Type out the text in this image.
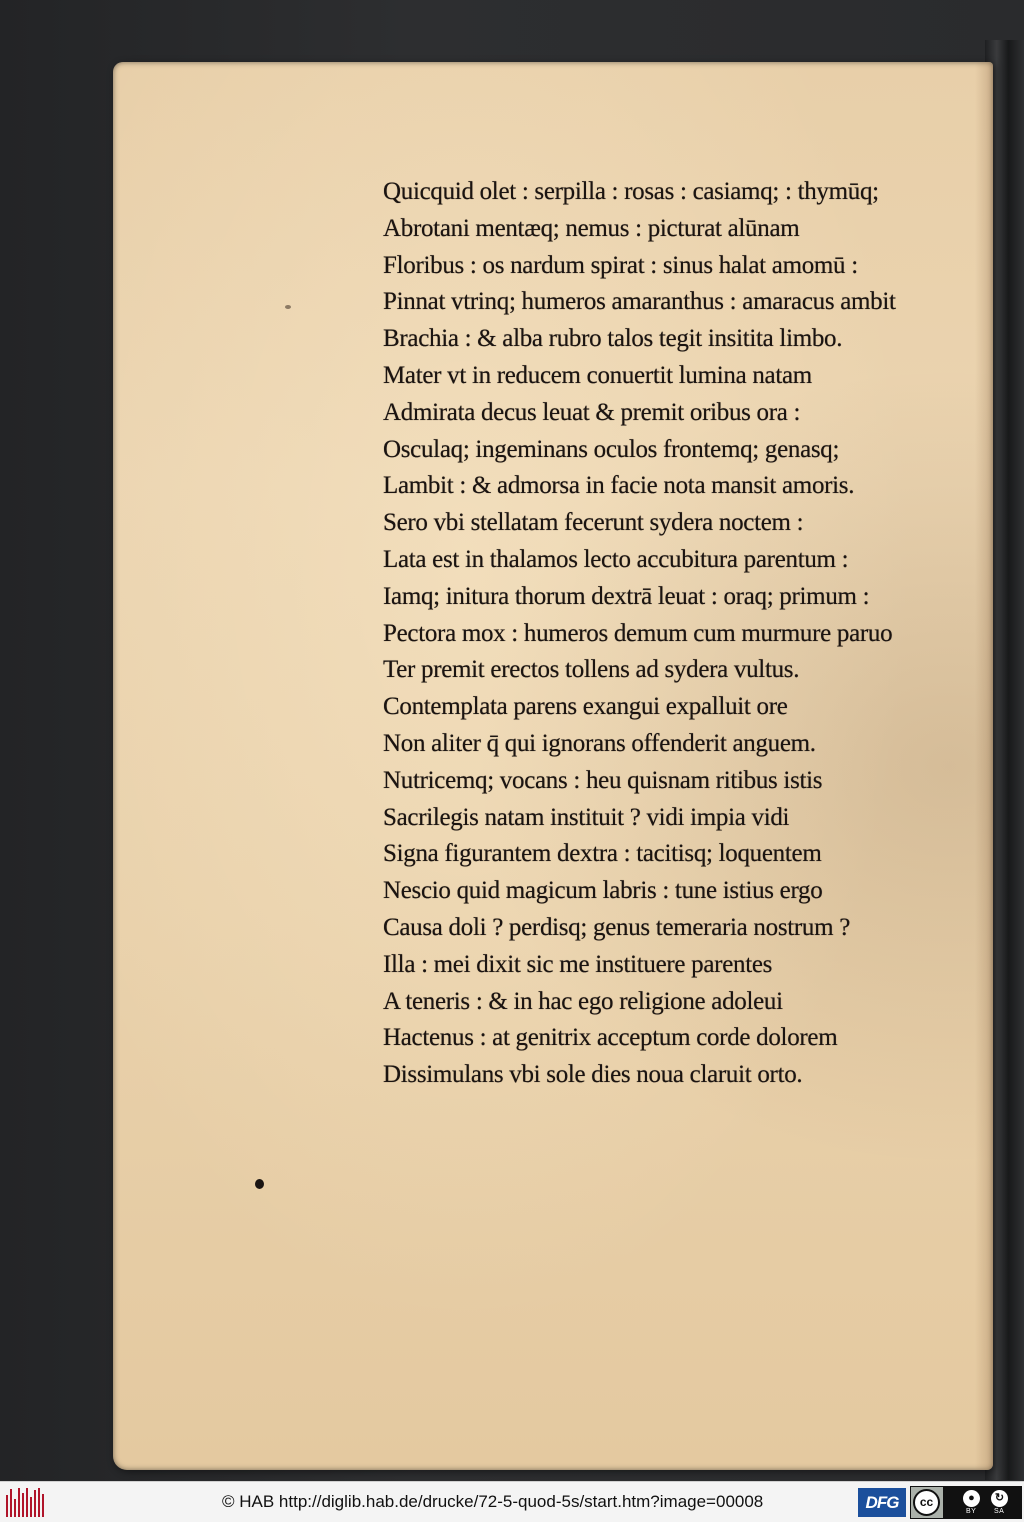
Quicquid olet : serpilla : rosas : casiamq; : thymūq;
Abrotani mentæq; nemus : picturat alūnam
Floribus : os nardum spirat : sinus halat amomū :
Pinnat vtrinq; humeros amaranthus : amaracus ambit
Brachia : & alba rubro talos tegit insitita limbo.
Mater vt in reducem conuertit lumina natam
Admirata decus leuat & premit oribus ora :
Osculaq; ingeminans oculos frontemq; genasq;
Lambit : & admorsa in facie nota mansit amoris.
Sero vbi stellatam fecerunt sydera noctem :
Lata est in thalamos lecto accubitura parentum :
Iamq; initura thorum dextrā leuat : oraq; primum :
Pectora mox : humeros demum cum murmure paruo
Ter premit erectos tollens ad sydera vultus.
Contemplata parens exangui expalluit ore
Non aliter q̄ qui ignorans offenderit anguem.
Nutricemq; vocans : heu quisnam ritibus istis
Sacrilegis natam instituit ? vidi impia vidi
Signa figurantem dextra : tacitisq; loquentem
Nescio quid magicum labris : tune istius ergo
Causa doli ? perdisq; genus temeraria nostrum ?
Illa : mei dixit sic me instituere parentes
A teneris : & in hac ego religione adoleui
Hactenus : at genitrix acceptum corde dolorem
Dissimulans vbi sole dies noua claruit orto.
© HAB http://diglib.hab.de/drucke/72-5-quod-5s/start.htm?image=00008	DFG	cc	●	↻
BY	SA
